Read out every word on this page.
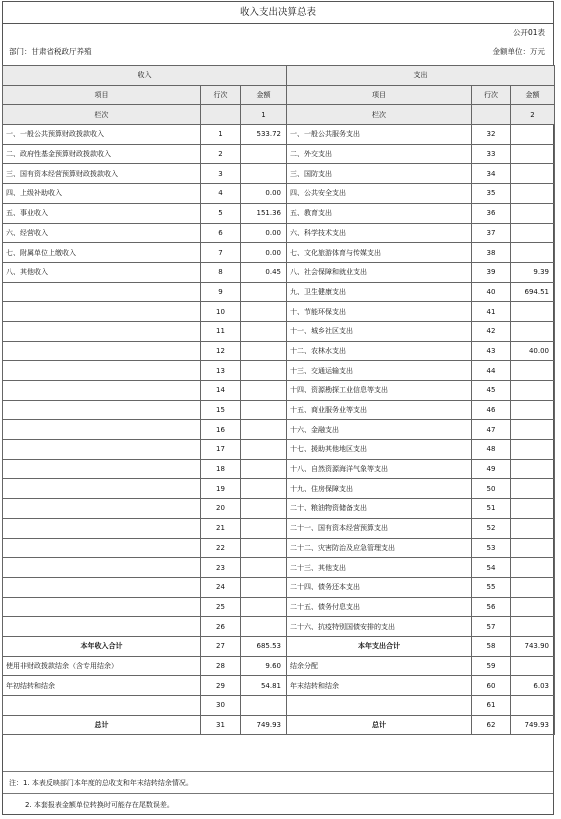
收入支出决算总表
公开01表
部门：甘肃省税政厅养殖	金额单位：万元
收入			支出		
项目	行次	金额	项目	行次	金额
栏次		1	栏次		2
一、一般公共预算财政拨款收入	1	533.72	一、一般公共服务支出	32	
二、政府性基金预算财政拨款收入	2		二、外交支出	33	
三、国有资本经营预算财政拨款收入	3		三、国防支出	34	
四、上级补助收入	4	0.00	四、公共安全支出	35	
五、事业收入	5	151.36	五、教育支出	36	
六、经营收入	6	0.00	六、科学技术支出	37	
七、附属单位上缴收入	7	0.00	七、文化旅游体育与传媒支出	38	
八、其他收入	8	0.45	八、社会保障和就业支出	39	9.39
	9		九、卫生健康支出	40	694.51
	10		十、节能环保支出	41	
	11		十一、城乡社区支出	42	
	12		十二、农林水支出	43	40.00
	13		十三、交通运输支出	44	
	14		十四、资源勘探工业信息等支出	45	
	15		十五、商业服务业等支出	46	
	16		十六、金融支出	47	
	17		十七、援助其他地区支出	48	
	18		十八、自然资源海洋气象等支出	49	
	19		十九、住房保障支出	50	
	20		二十、粮油物资储备支出	51	
	21		二十一、国有资本经营预算支出	52	
	22		二十二、灾害防治及应急管理支出	53	
	23		二十三、其他支出	54	
	24		二十四、债务还本支出	55	
	25		二十五、债务付息支出	56	
	26		二十六、抗疫特别国债安排的支出	57	
本年收入合计	27	685.53	本年支出合计	58	743.90
使用非财政拨款结余（含专用结余）	28	9.60	结余分配	59	
年初结转和结余	29	54.81	年末结转和结余	60	6.03
	30			61	
总计	31	749.93	总计	62	749.93
注：1. 本表反映部门本年度的总收支和年末结转结余情况。
2. 本套报表金额单位转换时可能存在尾数误差。
